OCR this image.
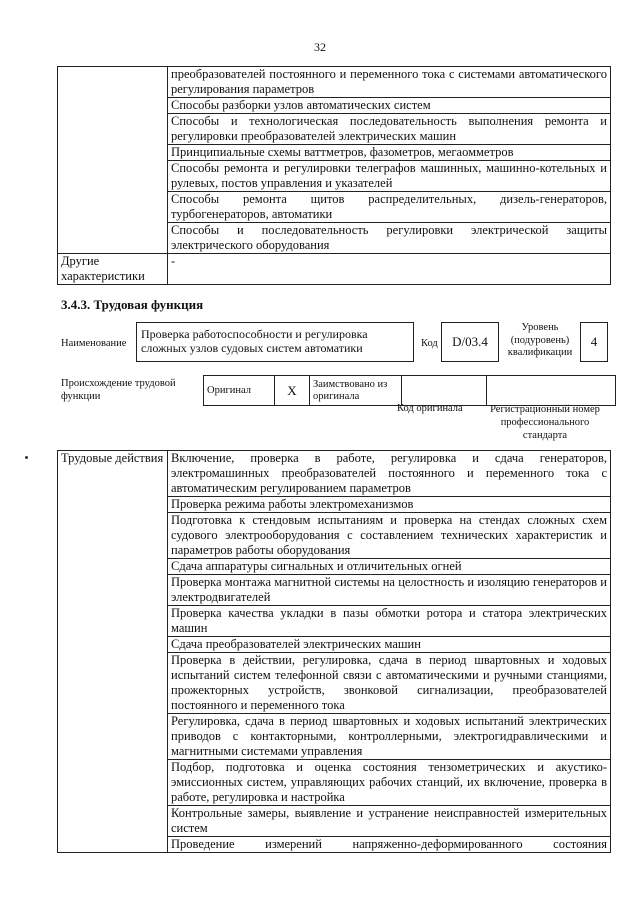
32
	преобразователей постоянного и переменного тока с системами автоматического регулирования параметров
	Способы разборки узлов автоматических систем
	Способы и технологическая последовательность выполнения ремонта и регулировки преобразователей электрических машин
	Принципиальные схемы ваттметров, фазометров, мегаомметров
	Способы ремонта и регулировки телеграфов машинных, машинно-котельных и рулевых, постов управления и указателей
	Способы ремонта щитов распределительных, дизель-генераторов, турбогенераторов, автоматики
	Способы и последовательность регулировки электрической защиты электрического оборудования
Другие характеристики	-
3.4.3. Трудовая функция
Наименование
Проверка работоспособности и регулировка сложных узлов судовых систем автоматики	Код	D/03.4
Уровень (подуровень) квалификации
4
Происхождение трудовой функции
Оригинал	X	Заимствовано из оригинала		
Код оригинала	Регистрационный номер профессионального стандарта
Трудовые действия	Включение, проверка в работе, регулировка и сдача генераторов, электромашинных преобразователей постоянного и переменного тока с автоматическим регулированием параметров
Проверка режима работы электромеханизмов
Подготовка к стендовым испытаниям и проверка на стендах сложных схем судового электрооборудования с составлением технических характеристик и параметров работы оборудования
Сдача аппаратуры сигнальных и отличительных огней
Проверка монтажа магнитной системы на целостность и изоляцию генераторов и электродвигателей
Проверка качества укладки в пазы обмотки ротора и статора электрических машин
Сдача преобразователей электрических машин
Проверка в действии, регулировка, сдача в период швартовных и ходовых испытаний систем телефонной связи с автоматическими и ручными станциями, прожекторных устройств, звонковой сигнализации, преобразователей постоянного и переменного тока
Регулировка, сдача в период швартовных и ходовых испытаний электрических приводов с контакторными, контроллерными, электрогидравлическими и магнитными системами управления
Подбор, подготовка и оценка состояния тензометрических и акустико-эмиссионных систем, управляющих рабочих станций, их включение, проверка в работе, регулировка и настройка
Контрольные замеры, выявление и устранение неисправностей измерительных систем
Проведение измерений напряженно-деформированного состояния
